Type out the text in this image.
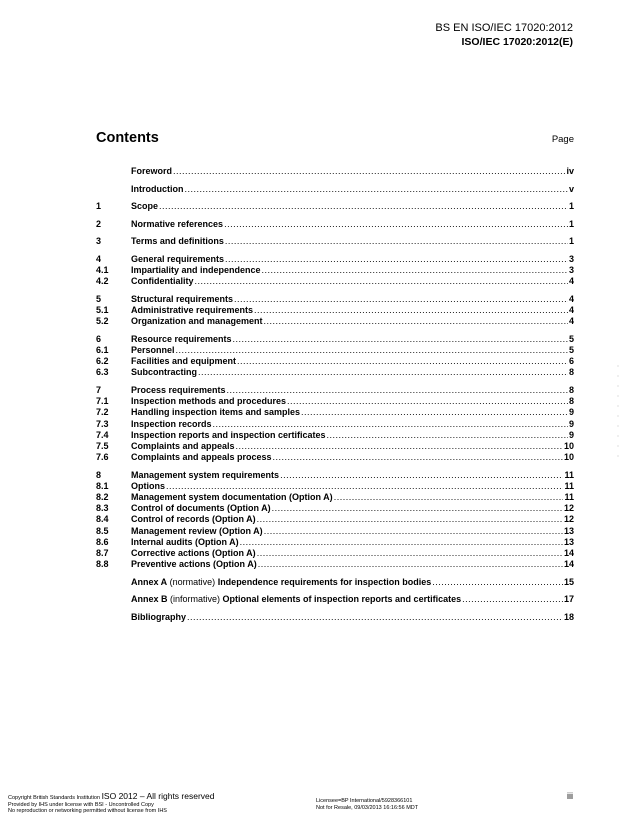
BS EN ISO/IEC 17020:2012
ISO/IEC 17020:2012(E)
Contents	Page
Foreword .....	iv
Introduction .....	v
1	Scope .....	1
2	Normative references .....	1
3	Terms and definitions .....	1
4	General requirements .....	3
4.1	Impartiality and independence .....	3
4.2	Confidentiality .....	4
5	Structural requirements .....	4
5.1	Administrative requirements .....	4
5.2	Organization and management .....	4
6	Resource requirements .....	5
6.1	Personnel .....	5
6.2	Facilities and equipment .....	6
6.3	Subcontracting .....	8
7	Process requirements .....	8
7.1	Inspection methods and procedures .....	8
7.2	Handling inspection items and samples .....	9
7.3	Inspection records .....	9
7.4	Inspection reports and inspection certificates .....	9
7.5	Complaints and appeals .....	10
7.6	Complaints and appeals process .....	10
8	Management system requirements .....	11
8.1	Options .....	11
8.2	Management system documentation (Option A) .....	11
8.3	Control of documents (Option A) .....	12
8.4	Control of records (Option A) .....	12
8.5	Management review (Option A) .....	13
8.6	Internal audits (Option A) .....	13
8.7	Corrective actions (Option A) .....	14
8.8	Preventive actions (Option A) .....	14
Annex A (normative) Independence requirements for inspection bodies .....	15
Annex B (informative) Optional elements of inspection reports and certificates .....	17
Bibliography .....	18
Copyright British Standards Institution ISO 2012 – All rights reserved
Provided by IHS under license with BSI - Uncontrolled Copy
No reproduction or networking permitted without license from IHS
Licensee=BP International/5928366101
Not for Resale, 09/03/2013 16:16:56 MDT
iii
